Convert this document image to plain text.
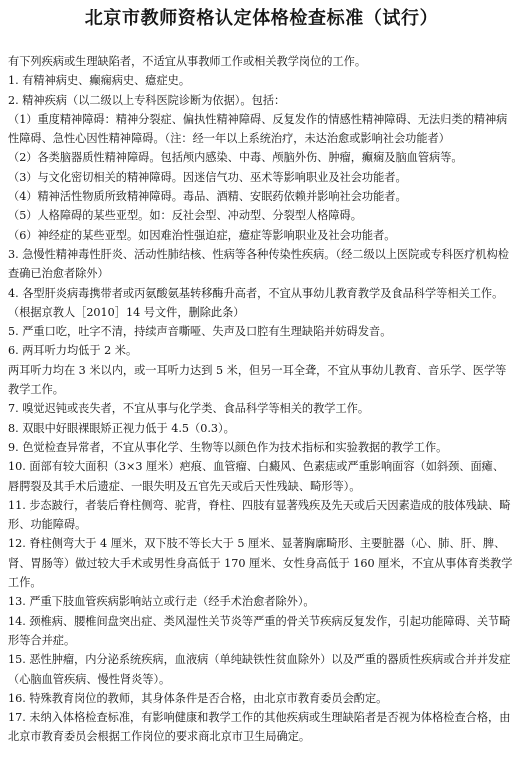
北京市教师资格认定体格检查标准（试行）

有下列疾病或生理缺陷者，不适宜从事教师工作或相关教学岗位的工作。

1. 有精神病史、癫痫病史、癔症史。

2. 精神疾病（以二级以上专科医院诊断为依据）。包括：

（1）重度精神障碍：精神分裂症、偏执性精神障碍、反复发作的情感性精神障碍、无法归类的精神病性障碍、急性心因性精神障碍。（注：经一年以上系统治疗，未达治愈或影响社会功能者）

（2）各类脑器质性精神障碍。包括颅内感染、中毒、颅脑外伤、肿瘤，癫痫及脑血管病等。

（3）与文化密切相关的精神障碍。因迷信气功、巫术等影响职业及社会功能者。

（4）精神活性物质所致精神障碍。毒品、酒精、安眠药依赖并影响社会功能者。

（5）人格障碍的某些亚型。如：反社会型、冲动型、分裂型人格障碍。

（6）神经症的某些亚型。如因难治性强迫症，癔症等影响职业及社会功能者。

3. 急慢性精神毒性肝炎、活动性肺结核、性病等各种传染性疾病。（经二级以上医院或专科医疗机构检查确已治愈者除外）

4. 各型肝炎病毒携带者或丙氨酸氨基转移酶升高者，不宜从事幼儿教育教学及食品科学等相关工作。（根据京教人［2010］14 号文件，删除此条）

5. 严重口吃，吐字不清，持续声音嘶哑、失声及口腔有生理缺陷并妨碍发音。

6. 两耳听力均低于 2 米。

两耳听力均在 3 米以内，或一耳听力达到 5 米，但另一耳全聋，不宜从事幼儿教育、音乐学、医学等教学工作。

7. 嗅觉迟钝或丧失者，不宜从事与化学类、食品科学等相关的教学工作。

8. 双眼中好眼裸眼矫正视力低于 4.5（0.3）。

9. 色觉检查异常者，不宜从事化学、生物等以颜色作为技术指标和实验教据的教学工作。

10. 面部有较大面积（3×3 厘米）疤痕、血管瘤、白癜风、色素痣或严重影响面容（如斜颈、面瘫、唇腭裂及其手术后遗症、一眼失明及五官先天或后天性残缺、畸形等）。

11. 步态跛行，者装后脊柱侧弯、驼背，脊柱、四肢有显著残疾及先天或后天因素造成的肢体残缺、畸形、功能障碍。

12. 脊柱侧弯大于 4 厘米，双下肢不等长大于 5 厘米、显著胸廓畸形、主要脏器（心、肺、肝、脾、肾、胃肠等）做过较大手术或男性身高低于 170 厘米、女性身高低于 160 厘米，不宜从事体育类教学工作。

13. 严重下肢血管疾病影响站立或行走（经手术治愈者除外）。

14. 颈椎病、腰椎间盘突出症、类风湿性关节炎等严重的骨关节疾病反复发作，引起功能障碍、关节畸形等合并症。

15. 恶性肿瘤，内分泌系统疾病，血液病（单纯缺铁性贫血除外）以及严重的器质性疾病或合并并发症（心脑血管疾病、慢性肾炎等）。

16. 特殊教育岗位的教师，其身体条件是否合格，由北京市教育委员会酌定。

17. 未纳入体格检查标准，有影响健康和教学工作的其他疾病或生理缺陷者是否视为体格检查合格，由北京市教育委员会根据工作岗位的要求商北京市卫生局确定。
